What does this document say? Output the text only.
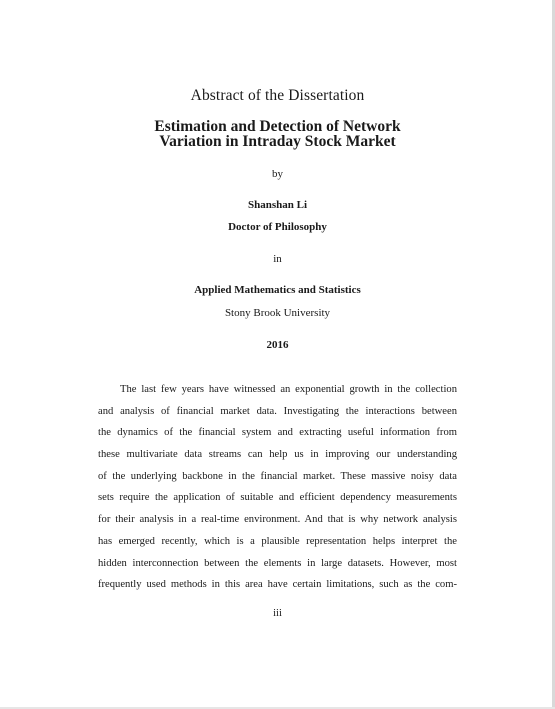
Abstract of the Dissertation
Estimation and Detection of Network
Variation in Intraday Stock Market
by
Shanshan Li
Doctor of Philosophy
in
Applied Mathematics and Statistics
Stony Brook University
2016
The last few years have witnessed an exponential growth in the collection
and analysis of financial market data. Investigating the interactions between
the dynamics of the financial system and extracting useful information from
these multivariate data streams can help us in improving our understanding
of the underlying backbone in the financial market. These massive noisy data
sets require the application of suitable and efficient dependency measurements
for their analysis in a real-time environment. And that is why network analysis
has emerged recently, which is a plausible representation helps interpret the
hidden interconnection between the elements in large datasets. However, most
frequently used methods in this area have certain limitations, such as the com-
iii
